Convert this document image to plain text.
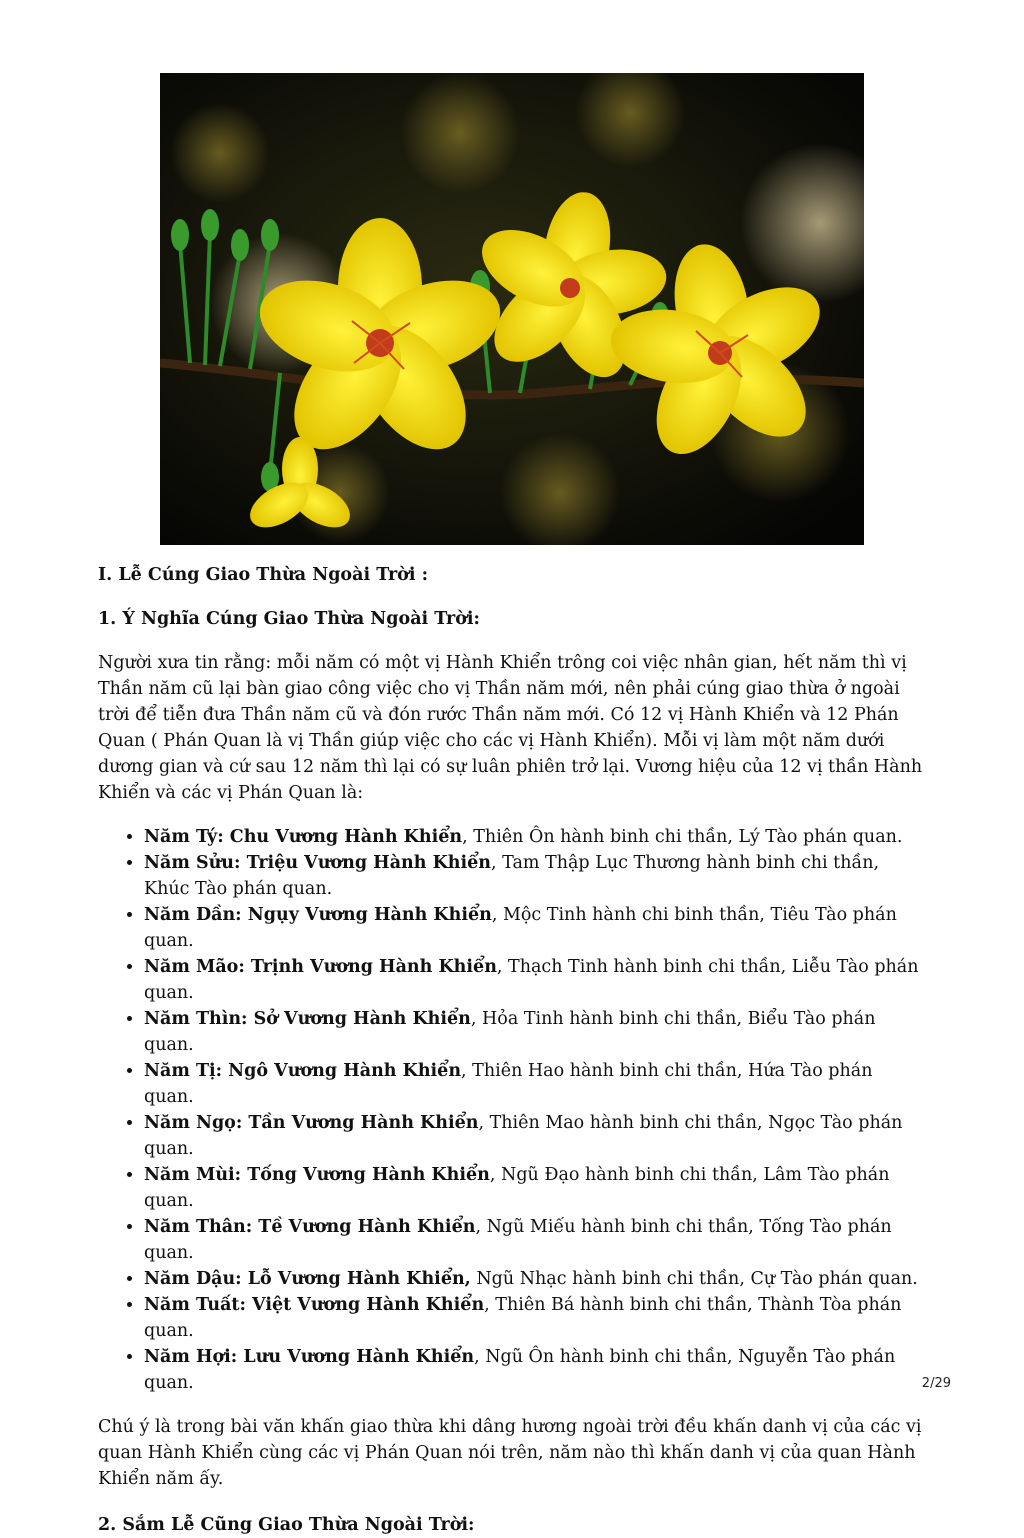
I. Lễ Cúng Giao Thừa Ngoài Trời :

1. Ý Nghĩa Cúng Giao Thừa Ngoài Trời:

Người xưa tin rằng: mỗi năm có một vị Hành Khiển trông coi việc nhân gian, hết năm thì vị Thần năm cũ lại bàn giao công việc cho vị Thần năm mới, nên phải cúng giao thừa ở ngoài trời để tiễn đưa Thần năm cũ và đón rước Thần năm mới. Có 12 vị Hành Khiển và 12 Phán Quan ( Phán Quan là vị Thần giúp việc cho các vị Hành Khiển). Mỗi vị làm một năm dưới dương gian và cứ sau 12 năm thì lại có sự luân phiên trở lại. Vương hiệu của 12 vị thần Hành Khiển và các vị Phán Quan là:

• Năm Tý: Chu Vương Hành Khiển, Thiên Ôn hành binh chi thần, Lý Tào phán quan.
• Năm Sửu: Triệu Vương Hành Khiển, Tam Thập Lục Thương hành binh chi thần, Khúc Tào phán quan.
• Năm Dần: Ngụy Vương Hành Khiển, Mộc Tinh hành chi binh thần, Tiêu Tào phán quan.
• Năm Mão: Trịnh Vương Hành Khiển, Thạch Tinh hành binh chi thần, Liễu Tào phán quan.
• Năm Thìn: Sở Vương Hành Khiển, Hỏa Tinh hành binh chi thần, Biểu Tào phán quan.
• Năm Tị: Ngô Vương Hành Khiển, Thiên Hao hành binh chi thần, Hứa Tào phán quan.
• Năm Ngọ: Tần Vương Hành Khiển, Thiên Mao hành binh chi thần, Ngọc Tào phán quan.
• Năm Mùi: Tống Vương Hành Khiển, Ngũ Đạo hành binh chi thần, Lâm Tào phán quan.
• Năm Thân: Tề Vương Hành Khiển, Ngũ Miếu hành binh chi thần, Tống Tào phán quan.
• Năm Dậu: Lỗ Vương Hành Khiển, Ngũ Nhạc hành binh chi thần, Cự Tào phán quan.
• Năm Tuất: Việt Vương Hành Khiển, Thiên Bá hành binh chi thần, Thành Tòa phán quan.
• Năm Hợi: Lưu Vương Hành Khiển, Ngũ Ôn hành binh chi thần, Nguyễn Tào phán quan.

Chú ý là trong bài văn khấn giao thừa khi dâng hương ngoài trời đều khấn danh vị của các vị quan Hành Khiển cùng các vị Phán Quan nói trên, năm nào thì khấn danh vị của quan Hành Khiển năm ấy.

2. Sắm Lễ Cũng Giao Thừa Ngoài Trời:

2/29
